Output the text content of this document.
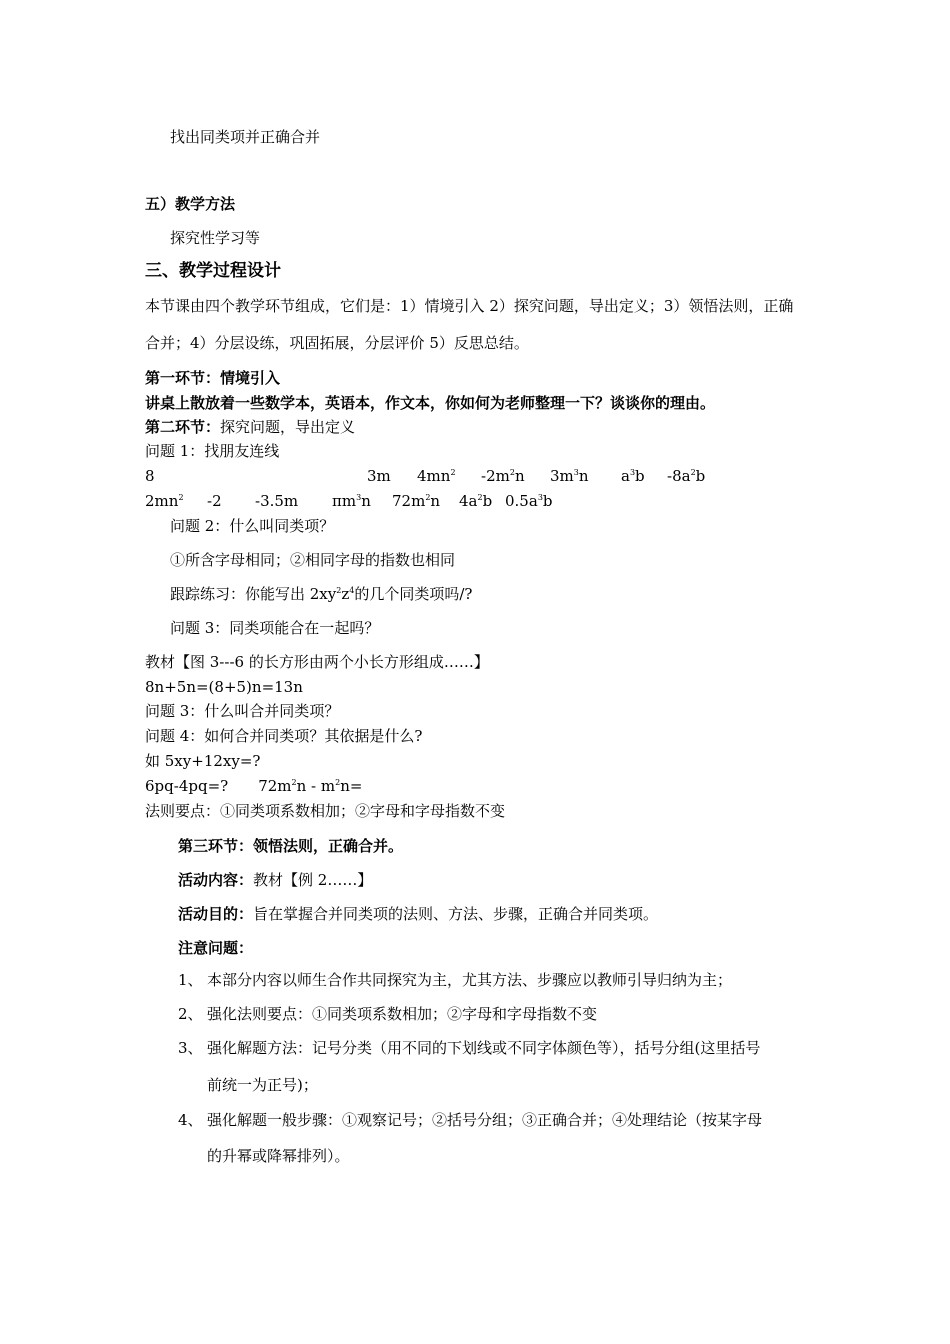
找出同类项并正确合并
五）教学方法
探究性学习等
三、教学过程设计
本节课由四个教学环节组成，它们是：1）情境引入 2）探究问题，导出定义；3）领悟法则，正确
合并；4）分层设练，巩固拓展，分层评价 5）反思总结。
第一环节：情境引入
讲桌上散放着一些数学本，英语本，作文本，你如何为老师整理一下？谈谈你的理由。
第二环节：探究问题，导出定义
问题 1：找朋友连线
8	3m $4mn^2$ $-2m^2n$ $3m^3n$ $a^3b$ $-8a^2b$
$2mn^2$ -2 -3.5m $\pi m^3n$ $72m^2n$ $4a^2b$ $0.5a^3b$
问题 2：什么叫同类项？
①所含字母相同；②相同字母的指数也相同
跟踪练习：你能写出 $2xy^2z^4$的几个同类项吗/?
问题 3：同类项能合在一起吗？
教材【图 3---6 的长方形由两个小长方形组成……】
8n+5n=(8+5)n=13n
问题 3：什么叫合并同类项？
问题 4：如何合并同类项？其依据是什么?
如 5xy+12xy=?
6pq-4pq=? $72m^2n - m^2n=$
法则要点：①同类项系数相加；②字母和字母指数不变
第三环节：领悟法则，正确合并。
活动内容：教材【例 2……】
活动目的：旨在掌握合并同类项的法则、方法、步骤，正确合并同类项。
注意问题：
1、 本部分内容以师生合作共同探究为主，尤其方法、步骤应以教师引导归纳为主；
2、 强化法则要点：①同类项系数相加；②字母和字母指数不变
3、 强化解题方法：记号分类（用不同的下划线或不同字体颜色等），括号分组(这里括号
前统一为正号)；
4、 强化解题一般步骤：①观察记号；②括号分组；③正确合并；④处理结论（按某字母
的升幂或降幂排列）。
